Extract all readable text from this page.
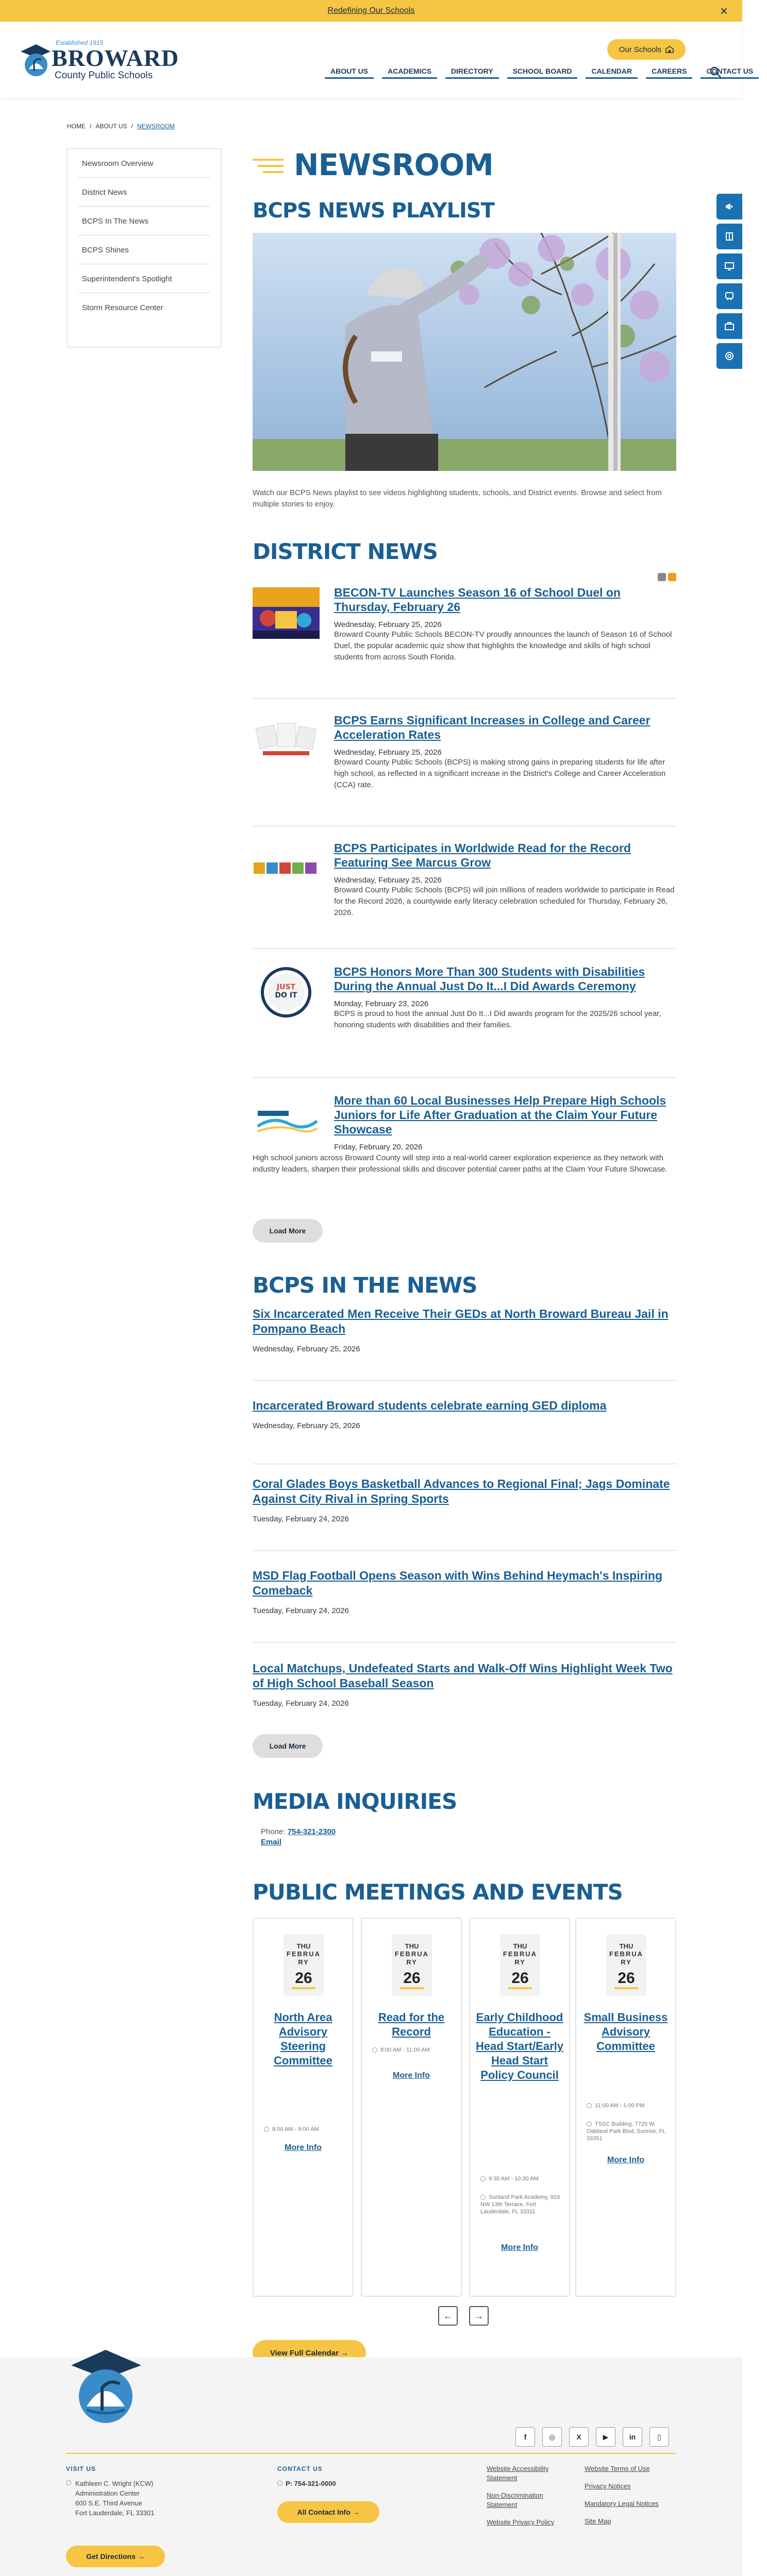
Redefining Our Schools	×
Established 1915
BROWARD
County Public Schools
Our Schools
ABOUT US	ACADEMICS	DIRECTORY	SCHOOL BOARD	CALENDAR	CAREERS	CONTACT US
HOME / ABOUT US / NEWSROOM
Newsroom Overview
District News
BCPS In The News
BCPS Shines
Superintendent's Spotlight
Storm Resource Center
NEWSROOM
BCPS NEWS PLAYLIST

Watch our BCPS News playlist to see videos highlighting students, schools, and District events. Browse and select from multiple stories to enjoy.

DISTRICT NEWS
BECON-TV Launches Season 16 of School Duel on Thursday, February 26
Wednesday, February 25, 2026
Broward County Public Schools BECON-TV proudly announces the launch of Season 16 of School Duel, the popular academic quiz show that highlights the knowledge and skills of high school students from across South Florida.
BCPS Earns Significant Increases in College and Career Acceleration Rates
Wednesday, February 25, 2026
Broward County Public Schools (BCPS) is making strong gains in preparing students for life after high school, as reflected in a significant increase in the District's College and Career Acceleration (CCA) rate.
BCPS Participates in Worldwide Read for the Record Featuring See Marcus Grow
Wednesday, February 25, 2026
Broward County Public Schools (BCPS) will join millions of readers worldwide to participate in Read for the Record 2026, a countywide early literacy celebration scheduled for Thursday, February 26, 2026.
JUST
DO IT
BCPS Honors More Than 300 Students with Disabilities During the Annual Just Do It...I Did Awards Ceremony
Monday, February 23, 2026
BCPS is proud to host the annual Just Do It...I Did awards program for the 2025/26 school year, honoring students with disabilities and their families.
More than 60 Local Businesses Help Prepare High Schools Juniors for Life After Graduation at the Claim Your Future Showcase
Friday, February 20, 2026
High school juniors across Broward County will step into a real-world career exploration experience as they network with industry leaders, sharpen their professional skills and discover potential career paths at the Claim Your Future Showcase.
Load More
BCPS IN THE NEWS
Six Incarcerated Men Receive Their GEDs at North Broward Bureau Jail in Pompano Beach
Wednesday, February 25, 2026
Incarcerated Broward students celebrate earning GED diploma
Wednesday, February 25, 2026
Coral Glades Boys Basketball Advances to Regional Final; Jags Dominate Against City Rival in Spring Sports
Tuesday, February 24, 2026
MSD Flag Football Opens Season with Wins Behind Heymach's Inspiring Comeback
Tuesday, February 24, 2026
Local Matchups, Undefeated Starts and Walk-Off Wins Highlight Week Two of High School Baseball Season
Tuesday, February 24, 2026
Load More
MEDIA INQUIRIES
Phone: 754-321-2300
Email
PUBLIC MEETINGS AND EVENTS
THU
FEBRUA RY
26
North Area Advisory Steering Committee
8:00 AM - 9:00 AM
More Info
THU
FEBRUA RY
26
Read for the Record
8:00 AM - 11:00 AM
More Info
THU
FEBRUA RY
26
Early Childhood Education - Head Start/Early Head Start Policy Council
9:30 AM - 10:30 AM
Sunland Park Academy, 919 NW 13th Terrace, Fort Lauderdale, FL 33311
More Info
THU
FEBRUA RY
26
Small Business Advisory Committee
11:00 AM - 1:00 PM
TSSC Building, 7720 W. Oakland Park Blvd, Sunrise, FL 33351
More Info
←	→
View Full Calendar →
f	◎	X	▶	in	▯
VISIT US
Kathleen C. Wright (KCW)
Administration Center
600 S.E. Third Avenue
Fort Lauderdale, FL 33301
Get Directions →
CONTACT US
P: 754-321-0000
All Contact Info →
Website Accessibility Statement
Non-Discrimination Statement
Website Privacy Policy
Website Terms of Use
Privacy Notices
Mandatory Legal Notices
Site Map
